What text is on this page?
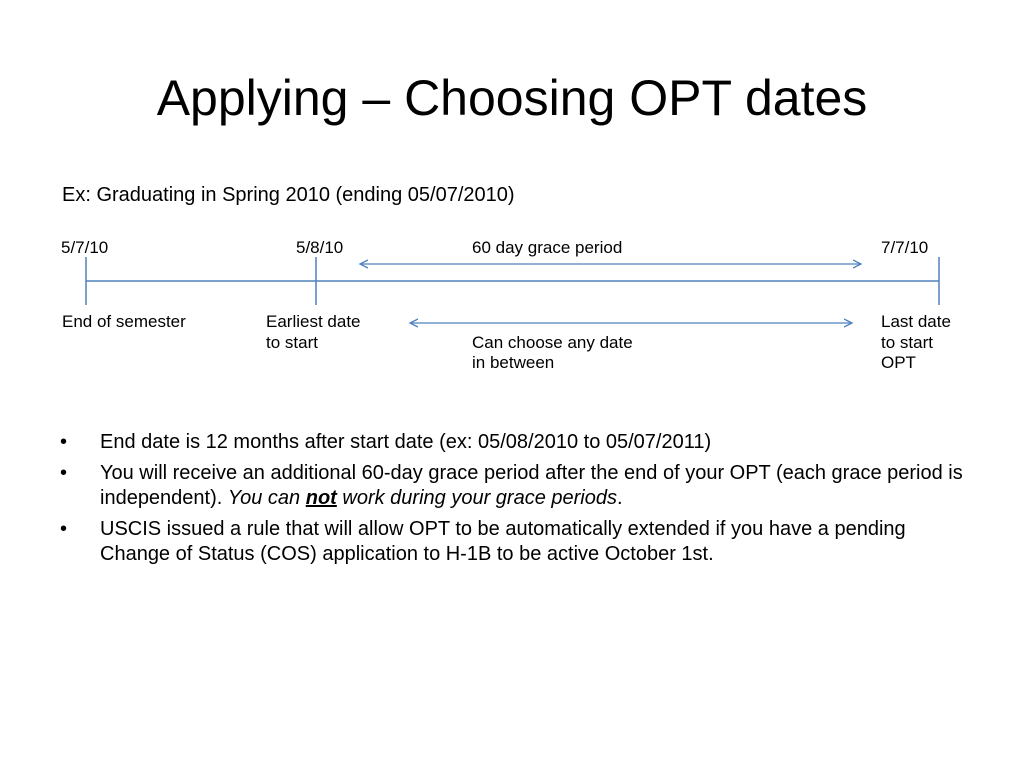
Applying – Choosing OPT dates
Ex: Graduating in Spring 2010 (ending 05/07/2010)
5/7/10	5/8/10	60 day grace period	7/7/10
End of semester	Earliest date
to start	Can choose any date
in between
Last date
to start
OPT
• End date is 12 months after start date (ex: 05/08/2010 to 05/07/2011)
• You will receive an additional 60-day grace period after the end of your OPT (each grace period is independent). You can not work during your grace periods.
• USCIS issued a rule that will allow OPT to be automatically extended if you have a pending Change of Status (COS) application to H-1B to be active October 1st.
